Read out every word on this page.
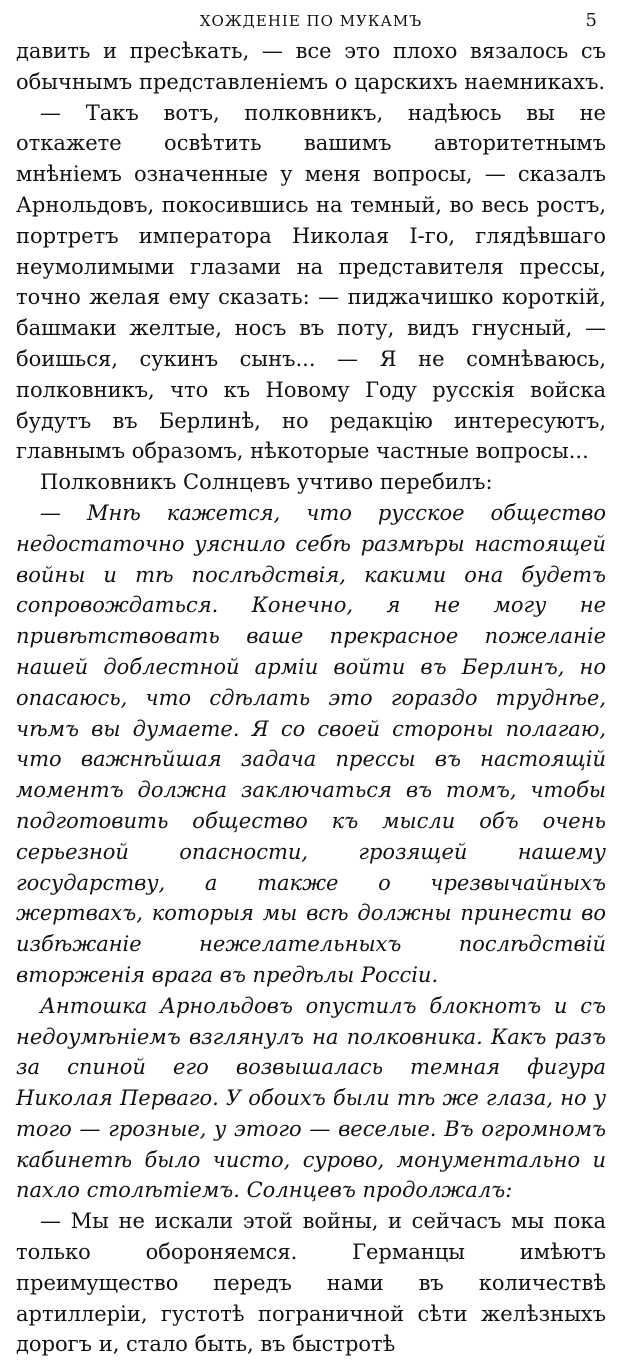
ХОЖДЕНІЕ ПО МУКАМЪ	5

давить и пресѣкать, — все это плохо вязалось съ обычнымъ представленіемъ о царскихъ наемникахъ.

— Такъ вотъ, полковникъ, надѣюсь вы не откажете освѣтить вашимъ авторитетнымъ мнѣніемъ означенные у меня вопросы, — сказалъ Арнольдовъ, покосившись на темный, во весь ростъ, портретъ императора Николая І-го, глядѣвшаго неумолимыми глазами на представителя прессы, точно желая ему сказать: — пиджачишко короткій, башмаки желтые, носъ въ поту, видъ гнусный, — боишься, сукинъ сынъ... — Я не сомнѣваюсь, полковникъ, что къ Новому Году русскія войска будутъ въ Берлинѣ, но редакцію интересуютъ, главнымъ образомъ, нѣкоторые частные вопросы...

Полковникъ Солнцевъ учтиво перебилъ:

— Мнѣ кажется, что русское общество недостаточно уяснило себѣ размѣры настоящей войны и тѣ послѣдствія, какими она будетъ сопровождаться. Конечно, я не могу не привѣтствовать ваше прекрасное пожеланіе нашей доблестной арміи войти въ Берлинъ, но опасаюсь, что сдѣлать это гораздо труднѣе, чѣмъ вы думаете. Я со своей стороны полагаю, что важнѣйшая задача прессы въ настоящій моментъ должна заключаться въ томъ, чтобы подготовить общество къ мысли объ очень серьезной опасности, грозящей нашему государству, а также о чрезвычайныхъ жертвахъ, которыя мы всѣ должны принести во избѣжаніе нежелательныхъ послѣдствій вторженія врага въ предѣлы Россіи.

Антошка Арнольдовъ опустилъ блокнотъ и съ недоумѣніемъ взглянулъ на полковника. Какъ разъ за спиной его возвышалась темная фигура Николая Перваго. У обоихъ были тѣ же глаза, но у того — грозные, у этого — веселые. Въ огромномъ кабинетѣ было чисто, сурово, монументально и пахло столѣтіемъ. Солнцевъ продолжалъ:

— Мы не искали этой войны, и сейчасъ мы пока только обороняемся. Германцы имѣютъ преимущество передъ нами въ количествѣ артиллеріи, густотѣ пограничной сѣти желѣзныхъ дорогъ и, стало быть, въ быстротѣ
